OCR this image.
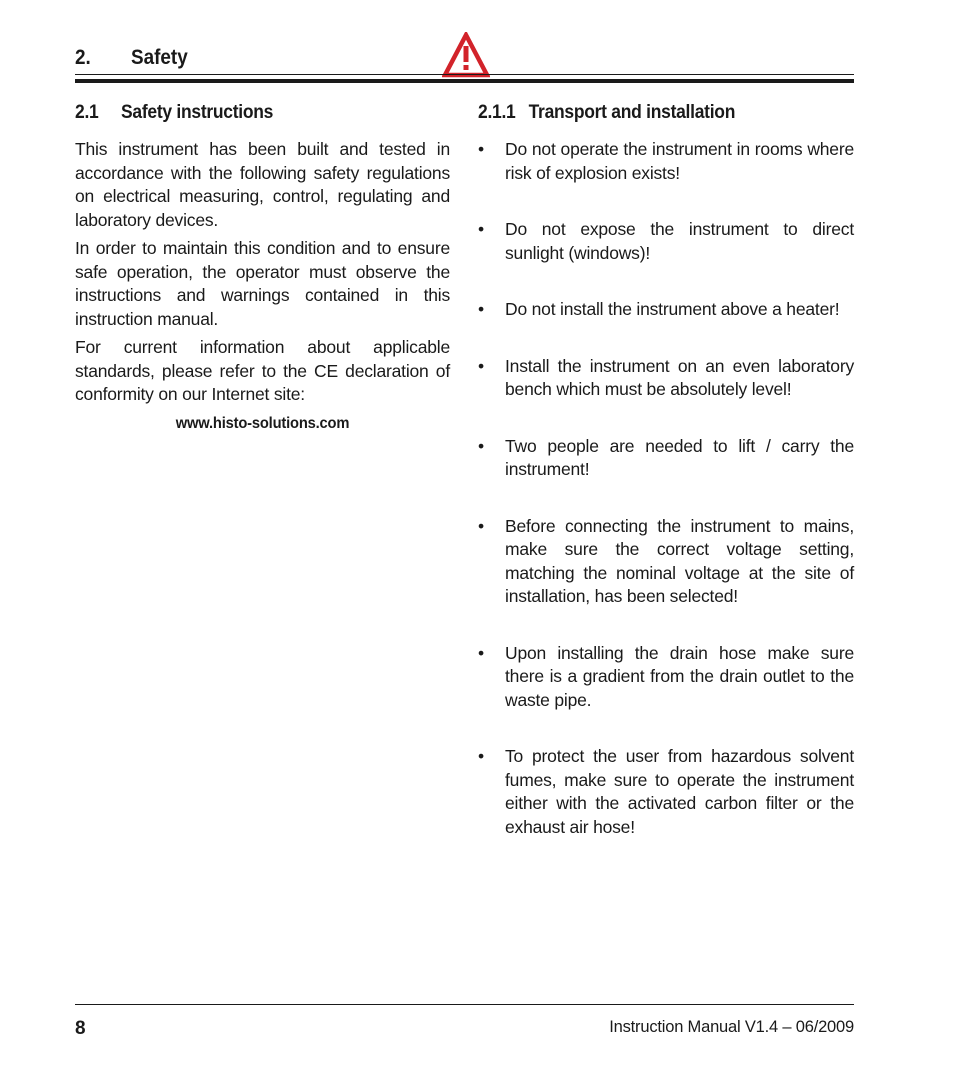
2. Safety
2.1 Safety instructions

This instrument has been built and tested in accordance with the following safety regulations on electrical measuring, control, regulating and laboratory devices.

In order to maintain this condition and to ensure safe operation, the operator must observe the instructions and warnings contained in this instruction manual.

For current information about applicable standards, please refer to the CE declaration of conformity on our Internet site:

www.histo-solutions.com
2.1.1 Transport and installation
• Do not operate the instrument in rooms where risk of explosion exists!
• Do not expose the instrument to direct sunlight (windows)!
• Do not install the instrument above a heater!
• Install the instrument on an even laboratory bench which must be absolutely level!
• Two people are needed to lift / carry the instrument!
• Before connecting the instrument to mains, make sure the correct voltage setting, matching the nominal voltage at the site of installation, has been selected!
• Upon installing the drain hose make sure there is a gradient from the drain outlet to the waste pipe.
• To protect the user from hazardous solvent fumes, make sure to operate the instrument either with the activated carbon filter or the exhaust air hose!
8	Instruction Manual V1.4 – 06/2009
